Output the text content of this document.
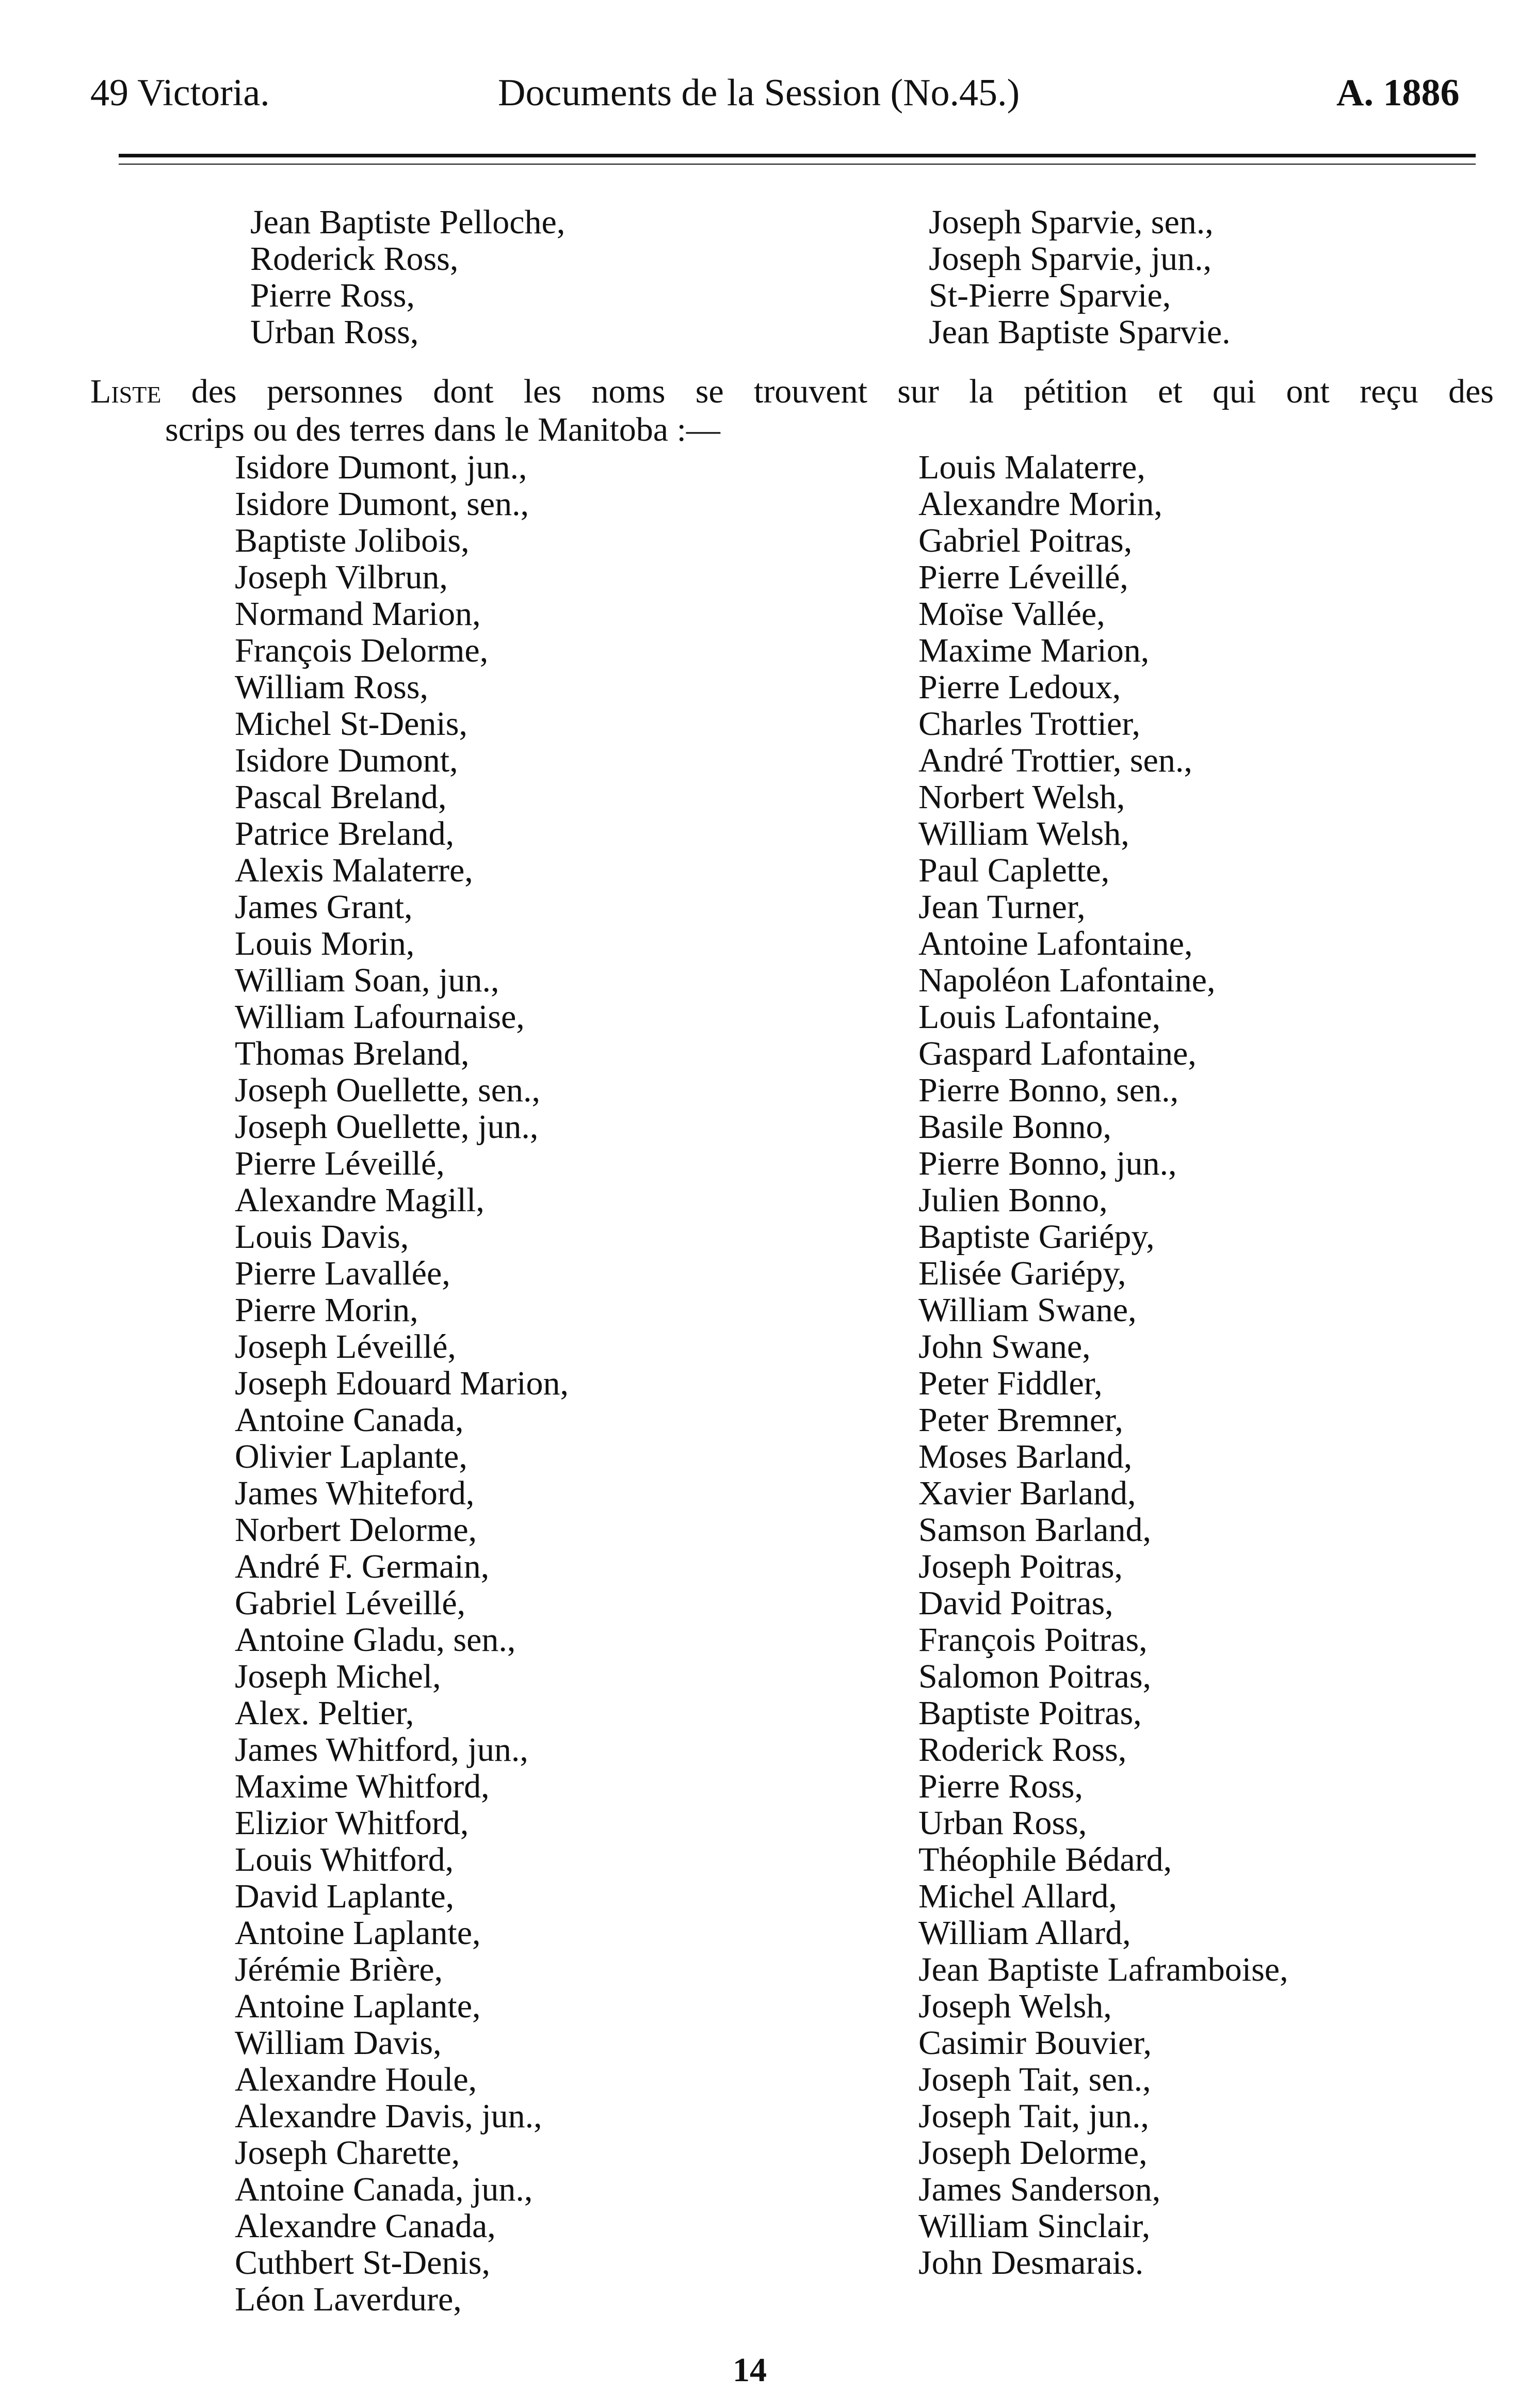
49 Victoria.	Documents de la Session (No.45.)	A. 1886
Jean Baptiste Pelloche,
Roderick Ross,
Pierre Ross,
Urban Ross,
Joseph Sparvie, sen.,
Joseph Sparvie, jun.,
St-Pierre Sparvie,
Jean Baptiste Sparvie.
Liste des personnes dont les noms se trouvent sur la pétition et qui ont reçu des
scrips ou des terres dans le Manitoba :—
Isidore Dumont, jun.,
Isidore Dumont, sen.,
Baptiste Jolibois,
Joseph Vilbrun,
Normand Marion,
François Delorme,
William Ross,
Michel St-Denis,
Isidore Dumont,
Pascal Breland,
Patrice Breland,
Alexis Malaterre,
James Grant,
Louis Morin,
William Soan, jun.,
William Lafournaise,
Thomas Breland,
Joseph Ouellette, sen.,
Joseph Ouellette, jun.,
Pierre Léveillé,
Alexandre Magill,
Louis Davis,
Pierre Lavallée,
Pierre Morin,
Joseph Léveillé,
Joseph Edouard Marion,
Antoine Canada,
Olivier Laplante,
James Whiteford,
Norbert Delorme,
André F. Germain,
Gabriel Léveillé,
Antoine Gladu, sen.,
Joseph Michel,
Alex. Peltier,
James Whitford, jun.,
Maxime Whitford,
Elizior Whitford,
Louis Whitford,
David Laplante,
Antoine Laplante,
Jérémie Brière,
Antoine Laplante,
William Davis,
Alexandre Houle,
Alexandre Davis, jun.,
Joseph Charette,
Antoine Canada, jun.,
Alexandre Canada,
Cuthbert St-Denis,
Léon Laverdure,
Louis Malaterre,
Alexandre Morin,
Gabriel Poitras,
Pierre Léveillé,
Moïse Vallée,
Maxime Marion,
Pierre Ledoux,
Charles Trottier,
André Trottier, sen.,
Norbert Welsh,
William Welsh,
Paul Caplette,
Jean Turner,
Antoine Lafontaine,
Napoléon Lafontaine,
Louis Lafontaine,
Gaspard Lafontaine,
Pierre Bonno, sen.,
Basile Bonno,
Pierre Bonno, jun.,
Julien Bonno,
Baptiste Gariépy,
Elisée Gariépy,
William Swane,
John Swane,
Peter Fiddler,
Peter Bremner,
Moses Barland,
Xavier Barland,
Samson Barland,
Joseph Poitras,
David Poitras,
François Poitras,
Salomon Poitras,
Baptiste Poitras,
Roderick Ross,
Pierre Ross,
Urban Ross,
Théophile Bédard,
Michel Allard,
William Allard,
Jean Baptiste Laframboise,
Joseph Welsh,
Casimir Bouvier,
Joseph Tait, sen.,
Joseph Tait, jun.,
Joseph Delorme,
James Sanderson,
William Sinclair,
John Desmarais.
14
